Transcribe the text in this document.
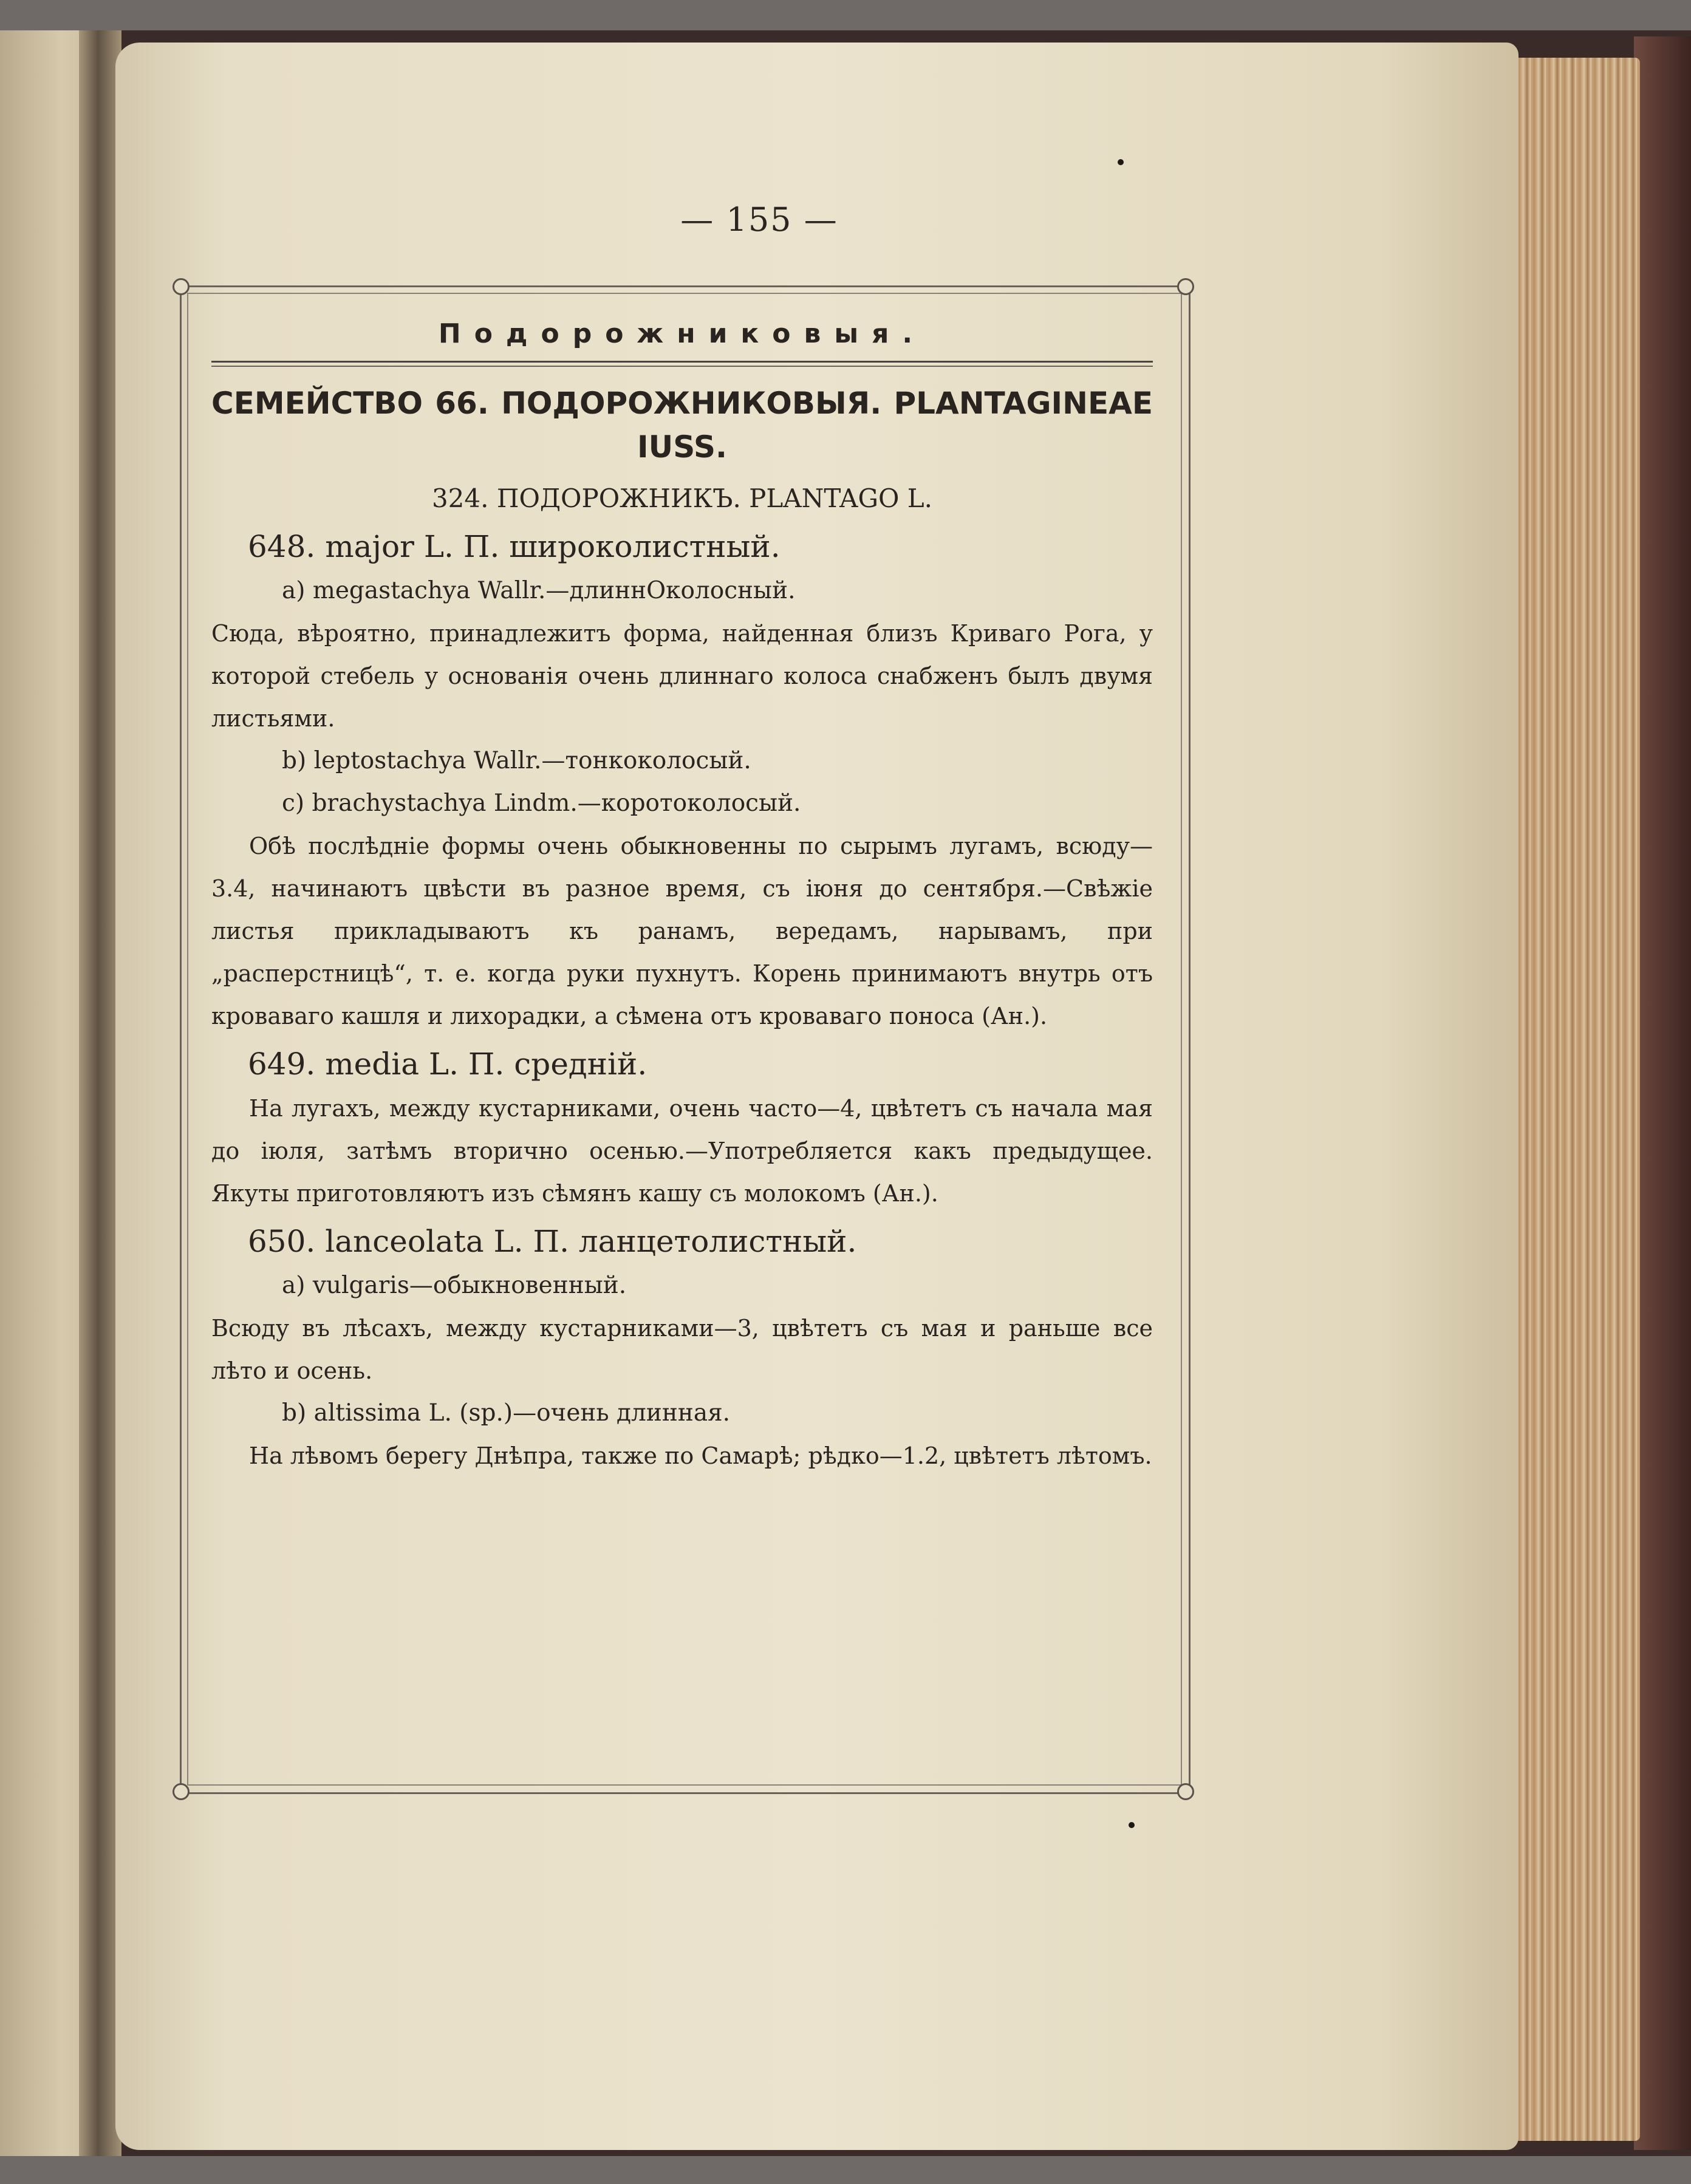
— 155 —
Подорожниковыя.
СЕМЕЙСТВО 66. ПОДОРОЖНИКОВЫЯ. PLANTAGINEAE IUSS.
324. ПОДОРОЖНИКЪ. PLANTAGO L.
648. major L. П. широколистный.
a) megastachya Wallr.—длиннОколосный.
Сюда, вѣроятно, принадлежитъ форма, найденная близъ Криваго Рога, у которой стебель у основанія очень длиннаго колоса снабженъ былъ двумя листьями.
b) leptostachya Wallr.—тонкоколосый.
c) brachystachya Lindm.—коротоколосый.
Обѣ послѣдніе формы очень обыкновенны по сырымъ лугамъ, всюду—3.4, начинаютъ цвѣсти въ разное время, съ іюня до сентября.—Свѣжіе листья прикладываютъ къ ранамъ, вередамъ, нарывамъ, при „расперстницѣ“, т. е. когда руки пухнутъ. Корень принимаютъ внутрь отъ кроваваго кашля и лихорадки, а сѣмена отъ кроваваго поноса (Ан.).
649. media L. П. средній.
На лугахъ, между кустарниками, очень часто—4, цвѣтетъ съ начала мая до іюля, затѣмъ вторично осенью.—Употребляется какъ предыдущее. Якуты приготовляютъ изъ сѣмянъ кашу съ молокомъ (Ан.).
650. lanceolata L. П. ланцетолистный.
a) vulgaris—обыкновенный.
Всюду въ лѣсахъ, между кустарниками—3, цвѣтетъ съ мая и раньше все лѣто и осень.
b) altissima L. (sp.)—очень длинная.
На лѣвомъ берегу Днѣпра, также по Самарѣ; рѣдко—1.2, цвѣтетъ лѣтомъ.
